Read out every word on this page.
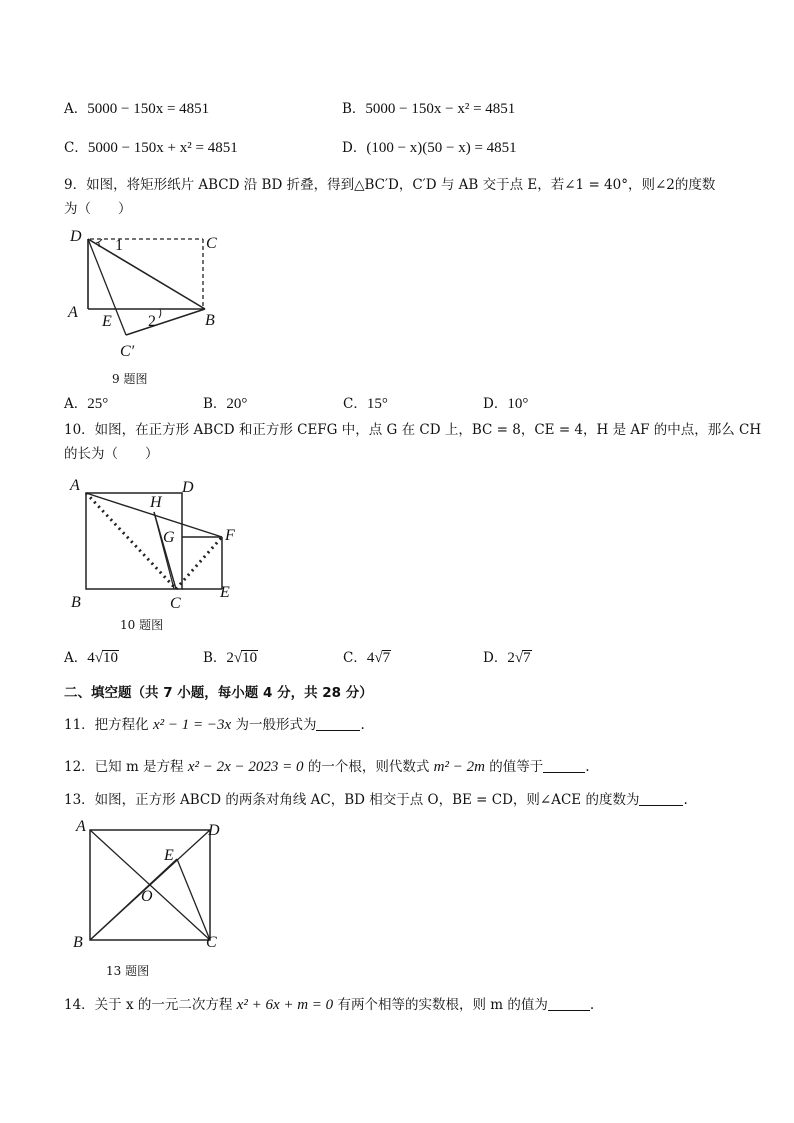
A．5000 − 150x = 4851	B．5000 − 150x − x² = 4851
C．5000 − 150x + x² = 4851	D．(100 − x)(50 − x) = 4851
9．如图，将矩形纸片 ABCD 沿 BD 折叠，得到△BC′D，C′D 与 AB 交于点 E，若∠1 = 40°，则∠2的度数
为（　　）
D	C
A	B
E
C′
1
2
9 题图
A．25°	B．20°	C．15°	D．10°
10．如图，在正方形 ABCD 和正方形 CEFG 中，点 G 在 CD 上，BC = 8，CE = 4，H 是 AF 的中点，那么 CH
的长为（　　）
A	D
H
G	F
B	C
E
10 题图
A．4√10	B．2√10	C．4√7	D．2√7
二、填空题（共 7 小题，每小题 4 分，共 28 分）
11．把方程化 x² − 1 = −3x 为一般形式为	.
12．已知 m 是方程 x² − 2x − 2023 = 0 的一个根，则代数式 m² − 2m 的值等于	.
13．如图，正方形 ABCD 的两条对角线 AC，BD 相交于点 O，BE = CD，则∠ACE 的度数为	.
A	D
E
O
B	C
13 题图
14．关于 x 的一元二次方程 x² + 6x + m = 0 有两个相等的实数根，则 m 的值为	.
